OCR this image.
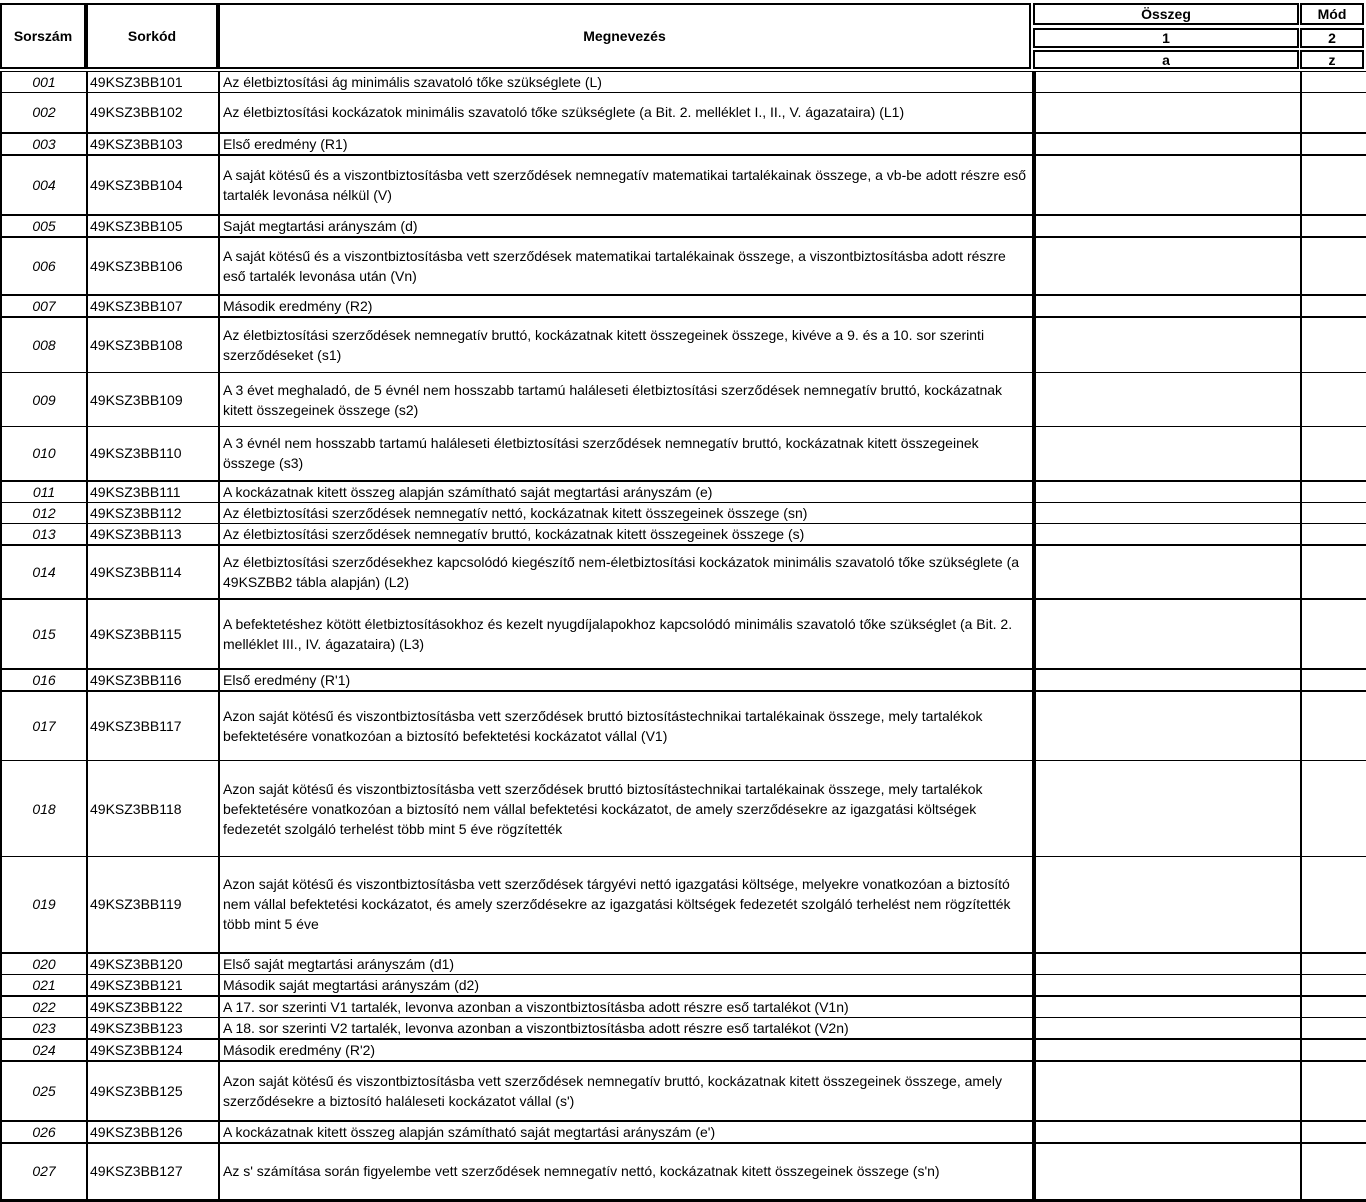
Sorszám	Sorkód	Megnevezés
Összeg
1
a
Mód
2
z
001	49KSZ3BB101	Az életbiztosítási ág minimális szavatoló tőke szükséglete (L)		
002	49KSZ3BB102	Az életbiztosítási kockázatok minimális szavatoló tőke szükséglete (a Bit. 2. melléklet I., II., V. ágazataira) (L1)		
003	49KSZ3BB103	Első eredmény (R1)		
004	49KSZ3BB104	A saját kötésű és a viszontbiztosításba vett szerződések nemnegatív matematikai tartalékainak összege, a vb-be adott részre eső tartalék levonása nélkül (V)		
005	49KSZ3BB105	Saját megtartási arányszám (d)		
006	49KSZ3BB106	A saját kötésű és a viszontbiztosításba vett szerződések matematikai tartalékainak összege, a viszontbiztosításba adott részre eső tartalék levonása után (Vn)		
007	49KSZ3BB107	Második eredmény (R2)		
008	49KSZ3BB108	Az életbiztosítási szerződések nemnegatív bruttó, kockázatnak kitett összegeinek összege, kivéve a 9. és a 10. sor szerinti szerződéseket (s1)		
009	49KSZ3BB109	A 3 évet meghaladó, de 5 évnél nem hosszabb tartamú haláleseti életbiztosítási szerződések nemnegatív bruttó, kockázatnak kitett összegeinek összege (s2)		
010	49KSZ3BB110	A 3 évnél nem hosszabb tartamú haláleseti életbiztosítási szerződések nemnegatív bruttó, kockázatnak kitett összegeinek összege (s3)		
011	49KSZ3BB111	A kockázatnak kitett összeg alapján számítható saját megtartási arányszám (e)		
012	49KSZ3BB112	Az életbiztosítási szerződések nemnegatív nettó, kockázatnak kitett összegeinek összege (sn)		
013	49KSZ3BB113	Az életbiztosítási szerződések nemnegatív bruttó, kockázatnak kitett összegeinek összege (s)		
014	49KSZ3BB114	Az életbiztosítási szerződésekhez kapcsolódó kiegészítő nem-életbiztosítási kockázatok minimális szavatoló tőke szükséglete (a 49KSZBB2 tábla alapján) (L2)		
015	49KSZ3BB115	A befektetéshez kötött életbiztosításokhoz és kezelt nyugdíjalapokhoz kapcsolódó minimális szavatoló tőke szükséglet (a Bit. 2. melléklet III., IV. ágazataira) (L3)		
016	49KSZ3BB116	Első eredmény (R'1)		
017	49KSZ3BB117	Azon saját kötésű és viszontbiztosításba vett szerződések bruttó biztosítástechnikai tartalékainak összege, mely tartalékok befektetésére vonatkozóan a biztosító befektetési kockázatot vállal (V1)		
018	49KSZ3BB118	Azon saját kötésű és viszontbiztosításba vett szerződések bruttó biztosítástechnikai tartalékainak összege, mely tartalékok befektetésére vonatkozóan a biztosító nem vállal befektetési kockázatot, de amely szerződésekre az igazgatási költségek fedezetét szolgáló terhelést több mint 5 éve rögzítették		
019	49KSZ3BB119	Azon saját kötésű és viszontbiztosításba vett szerződések tárgyévi nettó igazgatási költsége, melyekre vonatkozóan a biztosító nem vállal befektetési kockázatot, és amely szerződésekre az igazgatási költségek fedezetét szolgáló terhelést nem rögzítették több mint 5 éve		
020	49KSZ3BB120	Első saját megtartási arányszám (d1)		
021	49KSZ3BB121	Második saját megtartási arányszám (d2)		
022	49KSZ3BB122	A 17. sor szerinti V1 tartalék, levonva azonban a viszontbiztosításba adott részre eső tartalékot (V1n)		
023	49KSZ3BB123	A 18. sor szerinti V2 tartalék, levonva azonban a viszontbiztosításba adott részre eső tartalékot (V2n)		
024	49KSZ3BB124	Második eredmény (R'2)		
025	49KSZ3BB125	Azon saját kötésű és viszontbiztosításba vett szerződések nemnegatív bruttó, kockázatnak kitett összegeinek összege, amely szerződésekre a biztosító haláleseti kockázatot vállal (s')		
026	49KSZ3BB126	A kockázatnak kitett összeg alapján számítható saját megtartási arányszám (e')		
027	49KSZ3BB127	Az s' számítása során figyelembe vett szerződések nemnegatív nettó, kockázatnak kitett összegeinek összege (s'n)		
